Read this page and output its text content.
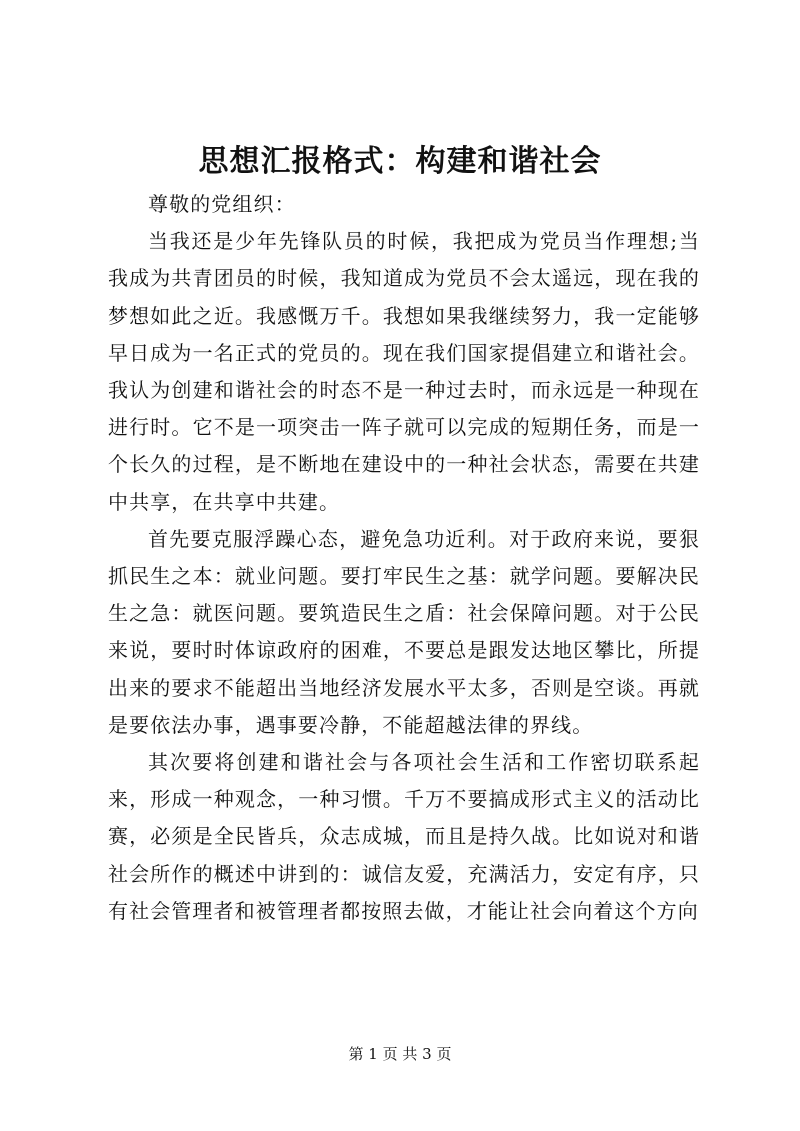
思想汇报格式：构建和谐社会

尊敬的党组织：

当我还是少年先锋队员的时候，我把成为党员当作理想;当我成为共青团员的时候，我知道成为党员不会太遥远，现在我的梦想如此之近。我感慨万千。我想如果我继续努力，我一定能够早日成为一名正式的党员的。现在我们国家提倡建立和谐社会。我认为创建和谐社会的时态不是一种过去时，而永远是一种现在进行时。它不是一项突击一阵子就可以完成的短期任务，而是一个长久的过程，是不断地在建设中的一种社会状态，需要在共建中共享，在共享中共建。

首先要克服浮躁心态，避免急功近利。对于政府来说，要狠抓民生之本：就业问题。要打牢民生之基：就学问题。要解决民生之急：就医问题。要筑造民生之盾：社会保障问题。对于公民来说，要时时体谅政府的困难，不要总是跟发达地区攀比，所提出来的要求不能超出当地经济发展水平太多，否则是空谈。再就是要依法办事，遇事要冷静，不能超越法律的界线。

其次要将创建和谐社会与各项社会生活和工作密切联系起来，形成一种观念，一种习惯。千万不要搞成形式主义的活动比赛，必须是全民皆兵，众志成城，而且是持久战。比如说对和谐社会所作的概述中讲到的：诚信友爱，充满活力，安定有序，只有社会管理者和被管理者都按照去做，才能让社会向着这个方向

第 1 页 共 3 页
